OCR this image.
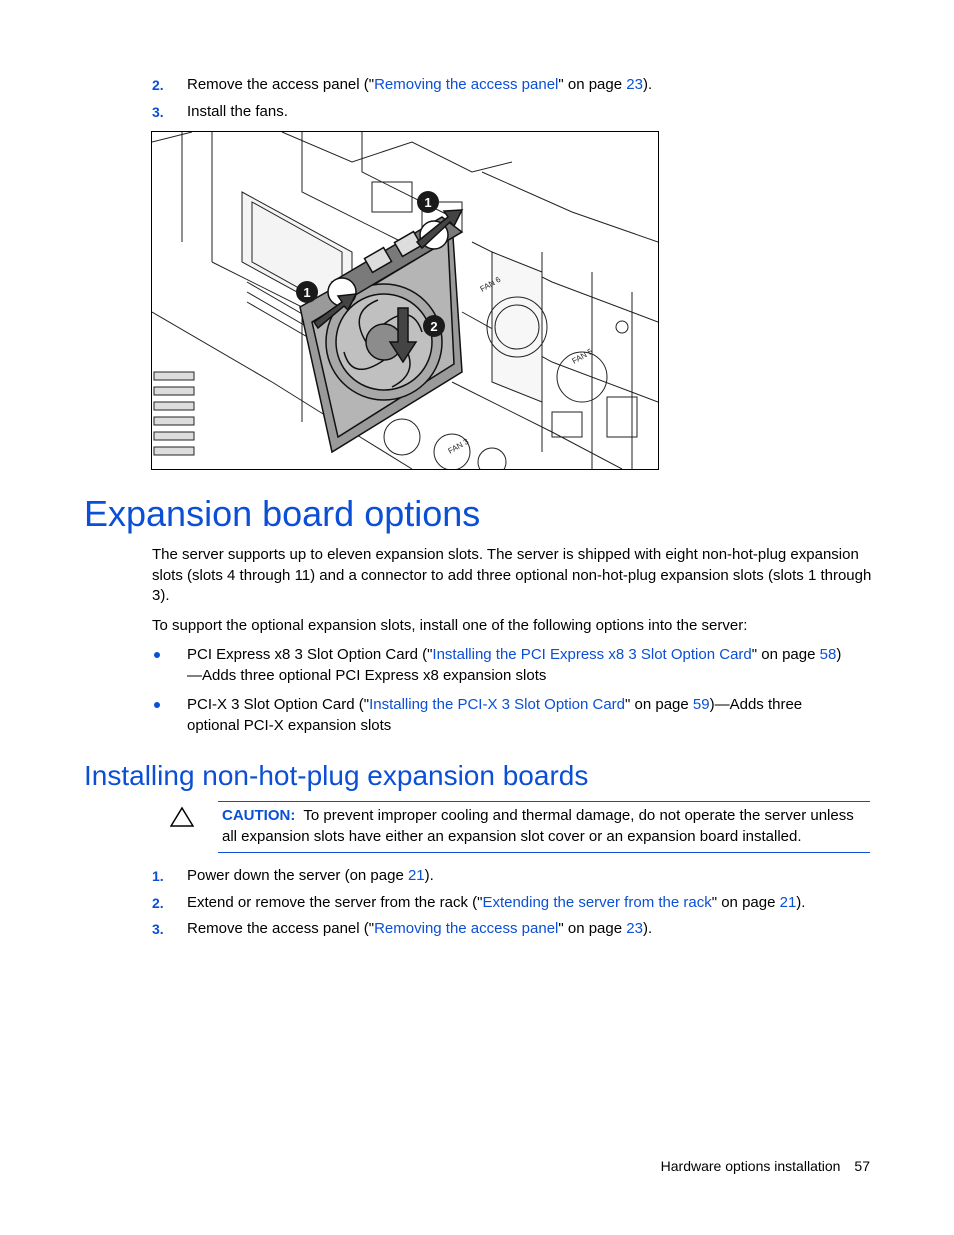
2. Remove the access panel ("Removing the access panel" on page 23).
3. Install the fans.
1
1
2
FAN 6
FAN 5
FAN 3
Expansion board options

The server supports up to eleven expansion slots. The server is shipped with eight non-hot-plug expansion slots (slots 4 through 11) and a connector to add three optional non-hot-plug expansion slots (slots 1 through 3).

To support the optional expansion slots, install one of the following options into the server:

PCI Express x8 3 Slot Option Card ("Installing the PCI Express x8 3 Slot Option Card" on page 58)—Adds three optional PCI Express x8 expansion slots
PCI-X 3 Slot Option Card ("Installing the PCI-X 3 Slot Option Card" on page 59)—Adds three optional PCI-X expansion slots
Installing non-hot-plug expansion boards
CAUTION: To prevent improper cooling and thermal damage, do not operate the server unless all expansion slots have either an expansion slot cover or an expansion board installed.
1. Power down the server (on page 21).
2. Extend or remove the server from the rack ("Extending the server from the rack" on page 21).
3. Remove the access panel ("Removing the access panel" on page 23).
Hardware options installation 57
